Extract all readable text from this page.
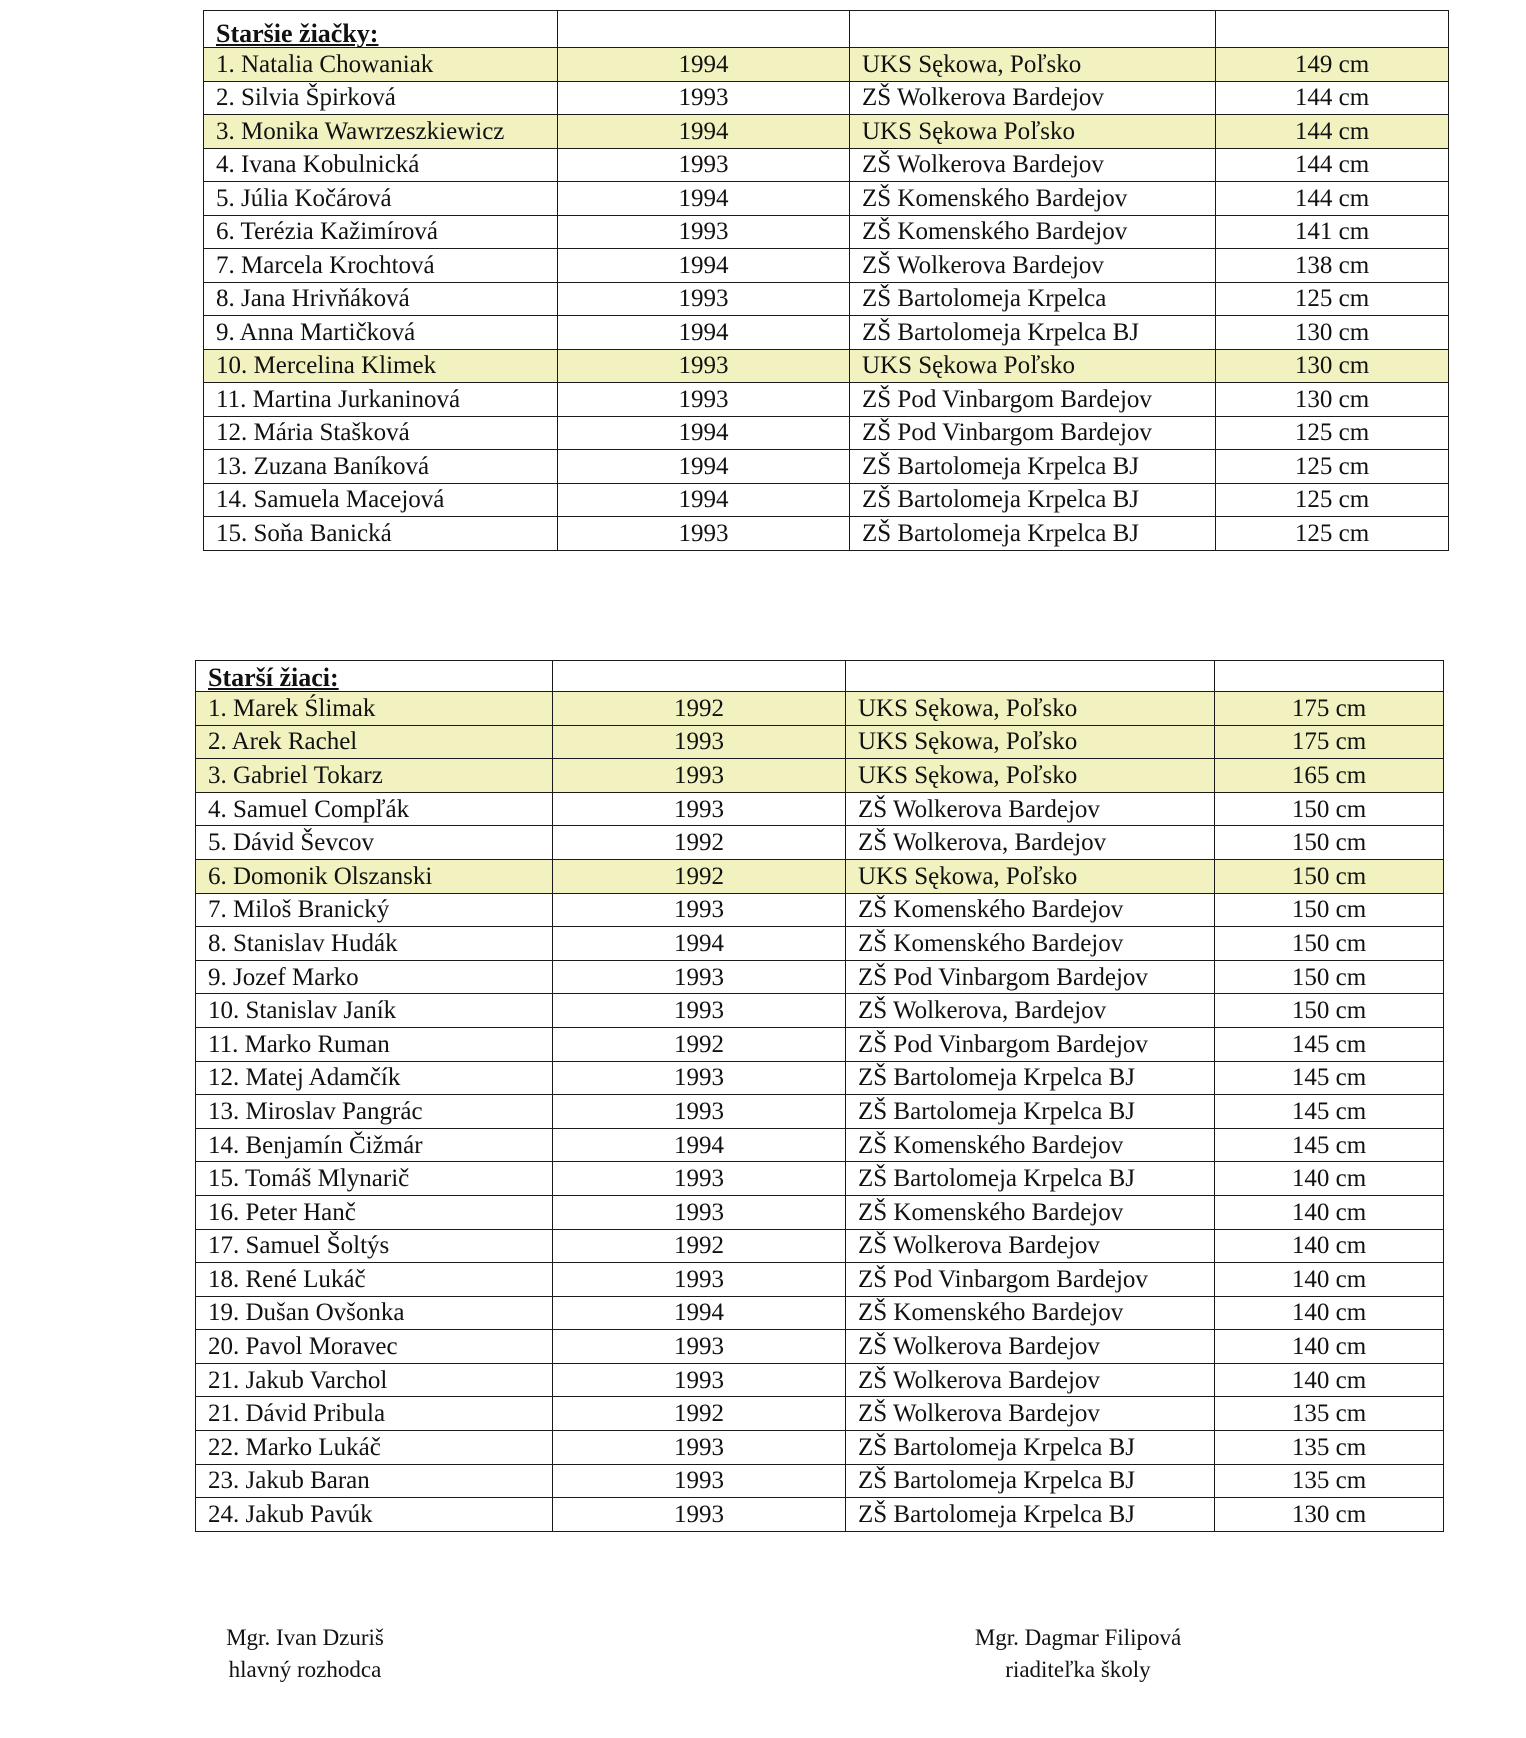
Staršie žiačky:			
1. Natalia Chowaniak	1994	UKS Sękowa, Poľsko	149 cm
2. Silvia Špirková	1993	ZŠ Wolkerova Bardejov	144 cm
3. Monika Wawrzeszkiewicz	1994	UKS Sękowa Poľsko	144 cm
4. Ivana Kobulnická	1993	ZŠ Wolkerova Bardejov	144 cm
5. Júlia Kočárová	1994	ZŠ Komenského Bardejov	144 cm
6. Terézia Kažimírová	1993	ZŠ Komenského Bardejov	141 cm
7. Marcela Krochtová	1994	ZŠ Wolkerova Bardejov	138 cm
8. Jana Hrivňáková	1993	ZŠ Bartolomeja Krpelca	125 cm
9. Anna Martičková	1994	ZŠ Bartolomeja Krpelca BJ	130 cm
10. Mercelina Klimek	1993	UKS Sękowa Poľsko	130 cm
11. Martina Jurkaninová	1993	ZŠ Pod Vinbargom Bardejov	130 cm
12. Mária Stašková	1994	ZŠ Pod Vinbargom Bardejov	125 cm
13. Zuzana Baníková	1994	ZŠ Bartolomeja Krpelca BJ	125 cm
14. Samuela Macejová	1994	ZŠ Bartolomeja Krpelca BJ	125 cm
15. Soňa Banická	1993	ZŠ Bartolomeja Krpelca BJ	125 cm
Starší žiaci:			
1. Marek Ślimak	1992	UKS Sękowa, Poľsko	175 cm
2. Arek Rachel	1993	UKS Sękowa, Poľsko	175 cm
3. Gabriel Tokarz	1993	UKS Sękowa, Poľsko	165 cm
4. Samuel Compľák	1993	ZŠ Wolkerova Bardejov	150 cm
5. Dávid Ševcov	1992	ZŠ Wolkerova, Bardejov	150 cm
6. Domonik Olszanski	1992	UKS Sękowa, Poľsko	150 cm
7. Miloš Branický	1993	ZŠ Komenského Bardejov	150 cm
8. Stanislav Hudák	1994	ZŠ Komenského Bardejov	150 cm
9. Jozef Marko	1993	ZŠ Pod Vinbargom Bardejov	150 cm
10. Stanislav Janík	1993	ZŠ Wolkerova, Bardejov	150 cm
11. Marko Ruman	1992	ZŠ Pod Vinbargom Bardejov	145 cm
12. Matej Adamčík	1993	ZŠ Bartolomeja Krpelca BJ	145 cm
13. Miroslav Pangrác	1993	ZŠ Bartolomeja Krpelca BJ	145 cm
14. Benjamín Čižmár	1994	ZŠ Komenského Bardejov	145 cm
15. Tomáš Mlynarič	1993	ZŠ Bartolomeja Krpelca BJ	140 cm
16. Peter Hanč	1993	ZŠ Komenského Bardejov	140 cm
17. Samuel Šoltýs	1992	ZŠ Wolkerova Bardejov	140 cm
18. René Lukáč	1993	ZŠ Pod Vinbargom Bardejov	140 cm
19. Dušan Ovšonka	1994	ZŠ Komenského Bardejov	140 cm
20. Pavol Moravec	1993	ZŠ Wolkerova Bardejov	140 cm
21. Jakub Varchol	1993	ZŠ Wolkerova Bardejov	140 cm
21. Dávid Pribula	1992	ZŠ Wolkerova Bardejov	135 cm
22. Marko Lukáč	1993	ZŠ Bartolomeja Krpelca BJ	135 cm
23. Jakub Baran	1993	ZŠ Bartolomeja Krpelca BJ	135 cm
24. Jakub Pavúk	1993	ZŠ Bartolomeja Krpelca BJ	130 cm
Mgr. Ivan Dzuriš
hlavný rozhodca
Mgr. Dagmar Filipová
riaditeľka školy
